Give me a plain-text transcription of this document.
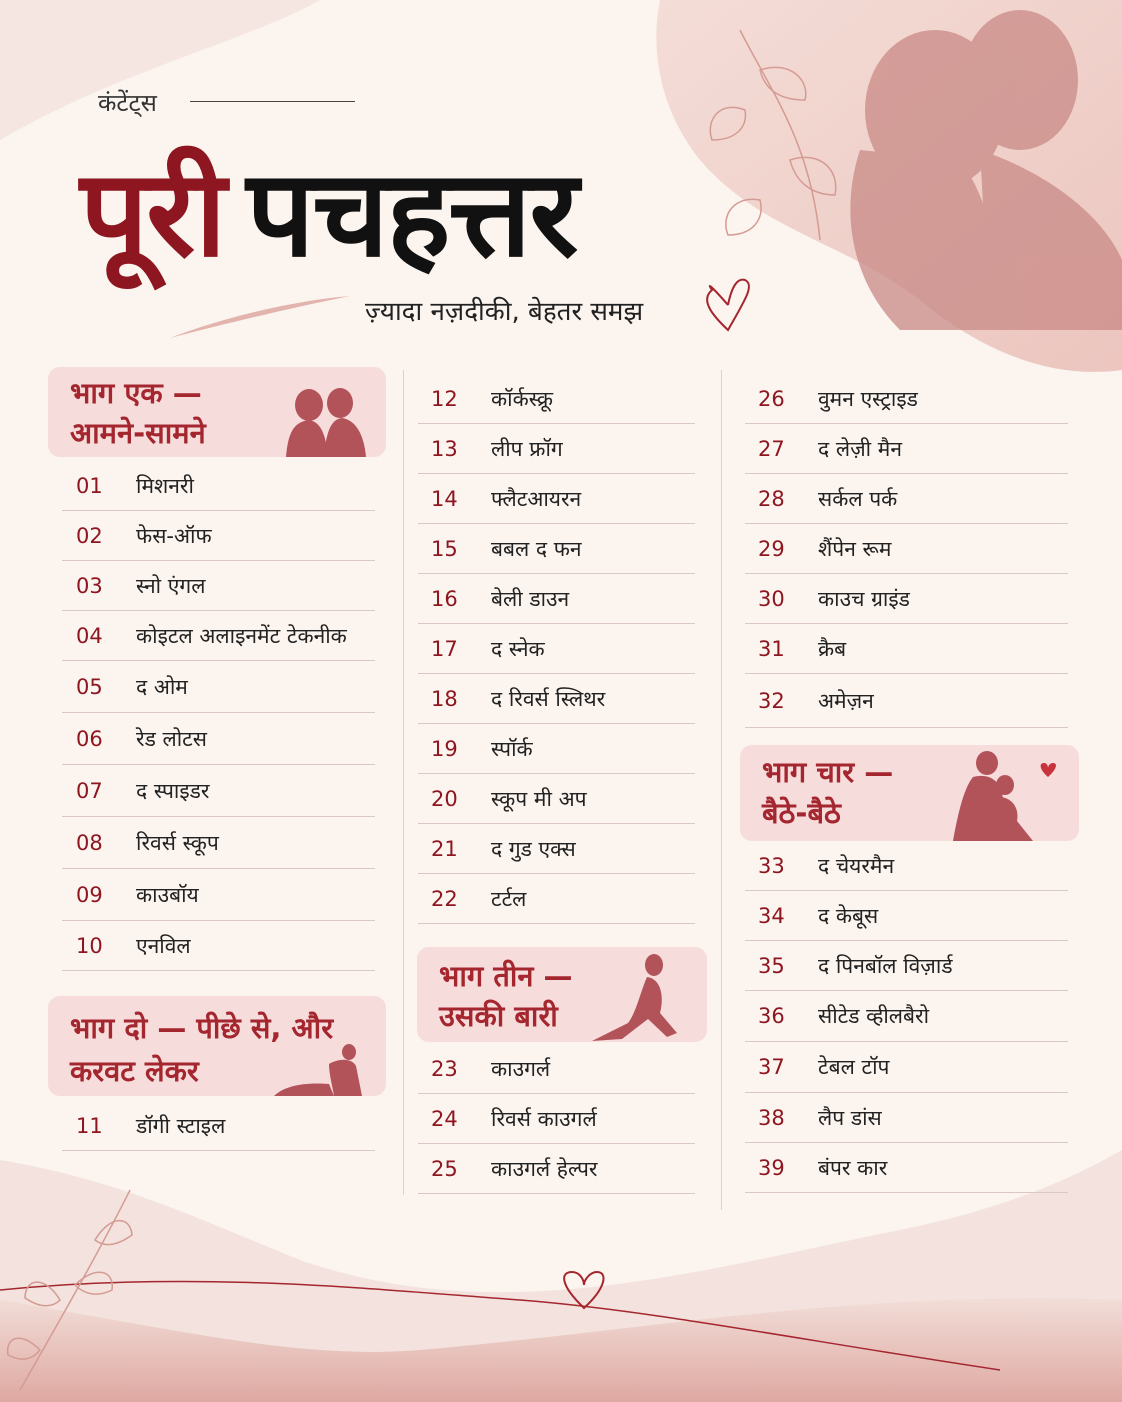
कंटेंट्स
पूरी पचहत्तर
ज़्यादा नज़दीकी, बेहतर समझ
भाग एक —
आमने-सामने
01	मिशनरी
02	फेस-ऑफ
03	स्नो एंगल
04	कोइटल अलाइनमेंट टेकनीक
05	द ओम
06	रेड लोटस
07	द स्पाइडर
08	रिवर्स स्कूप
09	काउबॉय
10	एनविल
भाग दो — पीछे से, और
करवट लेकर
11	डॉगी स्टाइल
12	कॉर्कस्क्रू
13	लीप फ्रॉग
14	फ्लैटआयरन
15	बबल द फन
16	बेली डाउन
17	द स्नेक
18	द रिवर्स स्लिथर
19	स्पॉर्क
20	स्कूप मी अप
21	द गुड एक्स
22	टर्टल
भाग तीन —
उसकी बारी
23	काउगर्ल
24	रिवर्स काउगर्ल
25	काउगर्ल हेल्पर
26	वुमन एस्ट्राइड
27	द लेज़ी मैन
28	सर्कल पर्क
29	शैंपेन रूम
30	काउच ग्राइंड
31	क्रैब
32	अमेज़न
भाग चार —
बैठे-बैठे
33	द चेयरमैन
34	द केबूस
35	द पिनबॉल विज़ार्ड
36	सीटेड व्हीलबैरो
37	टेबल टॉप
38	लैप डांस
39	बंपर कार
